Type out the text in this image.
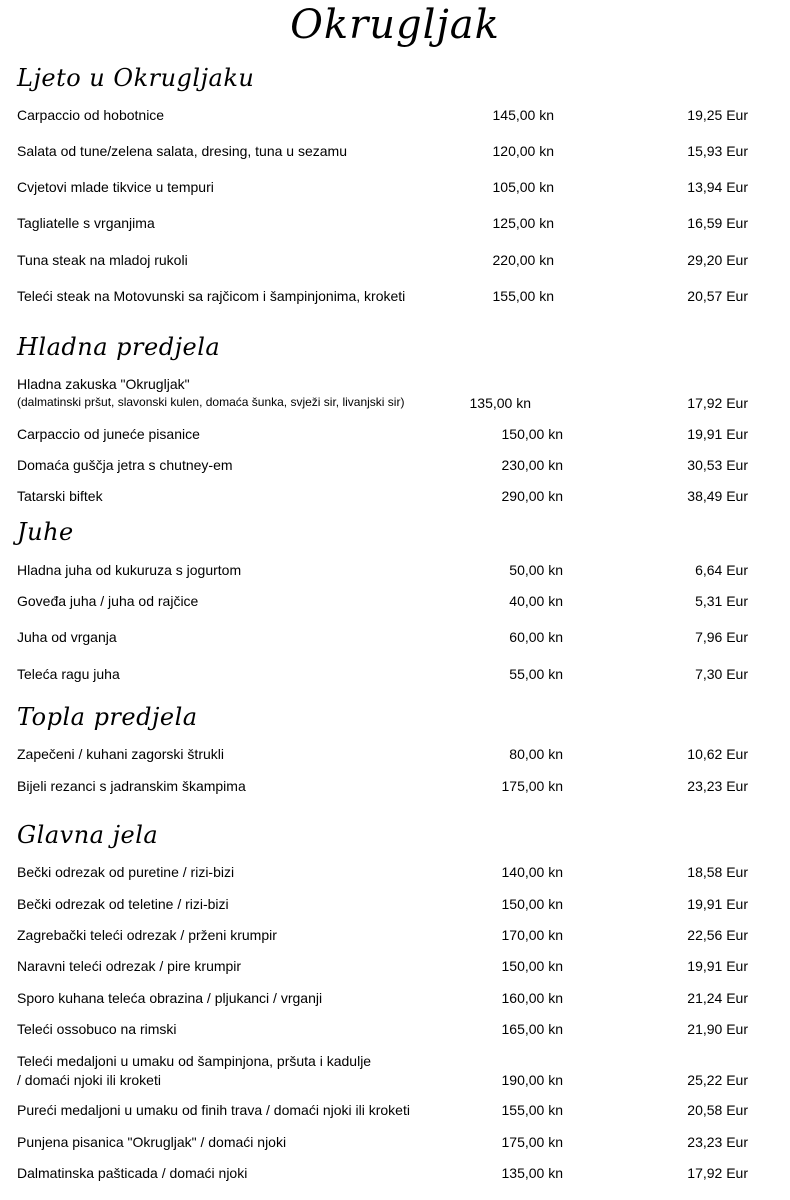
Okrugljak
Ljeto u Okrugljaku
Carpaccio od hobotnice	145,00 kn	19,25 Eur
Salata od tune/zelena salata, dresing, tuna u sezamu	120,00 kn	15,93 Eur
Cvjetovi mlade tikvice u tempuri	105,00 kn	13,94 Eur
Tagliatelle s vrganjima	125,00 kn	16,59 Eur
Tuna steak na mladoj rukoli	220,00 kn	29,20 Eur
Teleći steak na Motovunski sa rajčicom i šampinjonima, kroketi	155,00 kn	20,57 Eur
Hladna predjela
Hladna zakuska "Okrugljak"
(dalmatinski pršut, slavonski kulen, domaća šunka, svježi sir, livanjski sir)	135,00 kn	17,92 Eur
Carpaccio od juneće pisanice	150,00 kn	19,91 Eur
Domaća guščja jetra s chutney-em	230,00 kn	30,53 Eur
Tatarski biftek	290,00 kn	38,49 Eur
Juhe
Hladna juha od kukuruza s jogurtom	50,00 kn	6,64 Eur
Goveđa juha / juha od rajčice	40,00 kn	5,31 Eur
Juha od vrganja	60,00 kn	7,96 Eur
Teleća ragu juha	55,00 kn	7,30 Eur
Topla predjela
Zapečeni / kuhani zagorski štrukli	80,00 kn	10,62 Eur
Bijeli rezanci s jadranskim škampima	175,00 kn	23,23 Eur
Glavna jela
Bečki odrezak od puretine / rizi-bizi	140,00 kn	18,58 Eur
Bečki odrezak od teletine / rizi-bizi	150,00 kn	19,91 Eur
Zagrebački teleći odrezak / prženi krumpir	170,00 kn	22,56 Eur
Naravni teleći odrezak / pire krumpir	150,00 kn	19,91 Eur
Sporo kuhana teleća obrazina / pljukanci / vrganji	160,00 kn	21,24 Eur
Teleći ossobuco na rimski	165,00 kn	21,90 Eur
Teleći medaljoni u umaku od šampinjona, pršuta i kadulje
/ domaći njoki ili kroketi	190,00 kn	25,22 Eur
Pureći medaljoni u umaku od finih trava / domaći njoki ili kroketi	155,00 kn	20,58 Eur
Punjena pisanica "Okrugljak" / domaći njoki	175,00 kn	23,23 Eur
Dalmatinska pašticada / domaći njoki	135,00 kn	17,92 Eur
